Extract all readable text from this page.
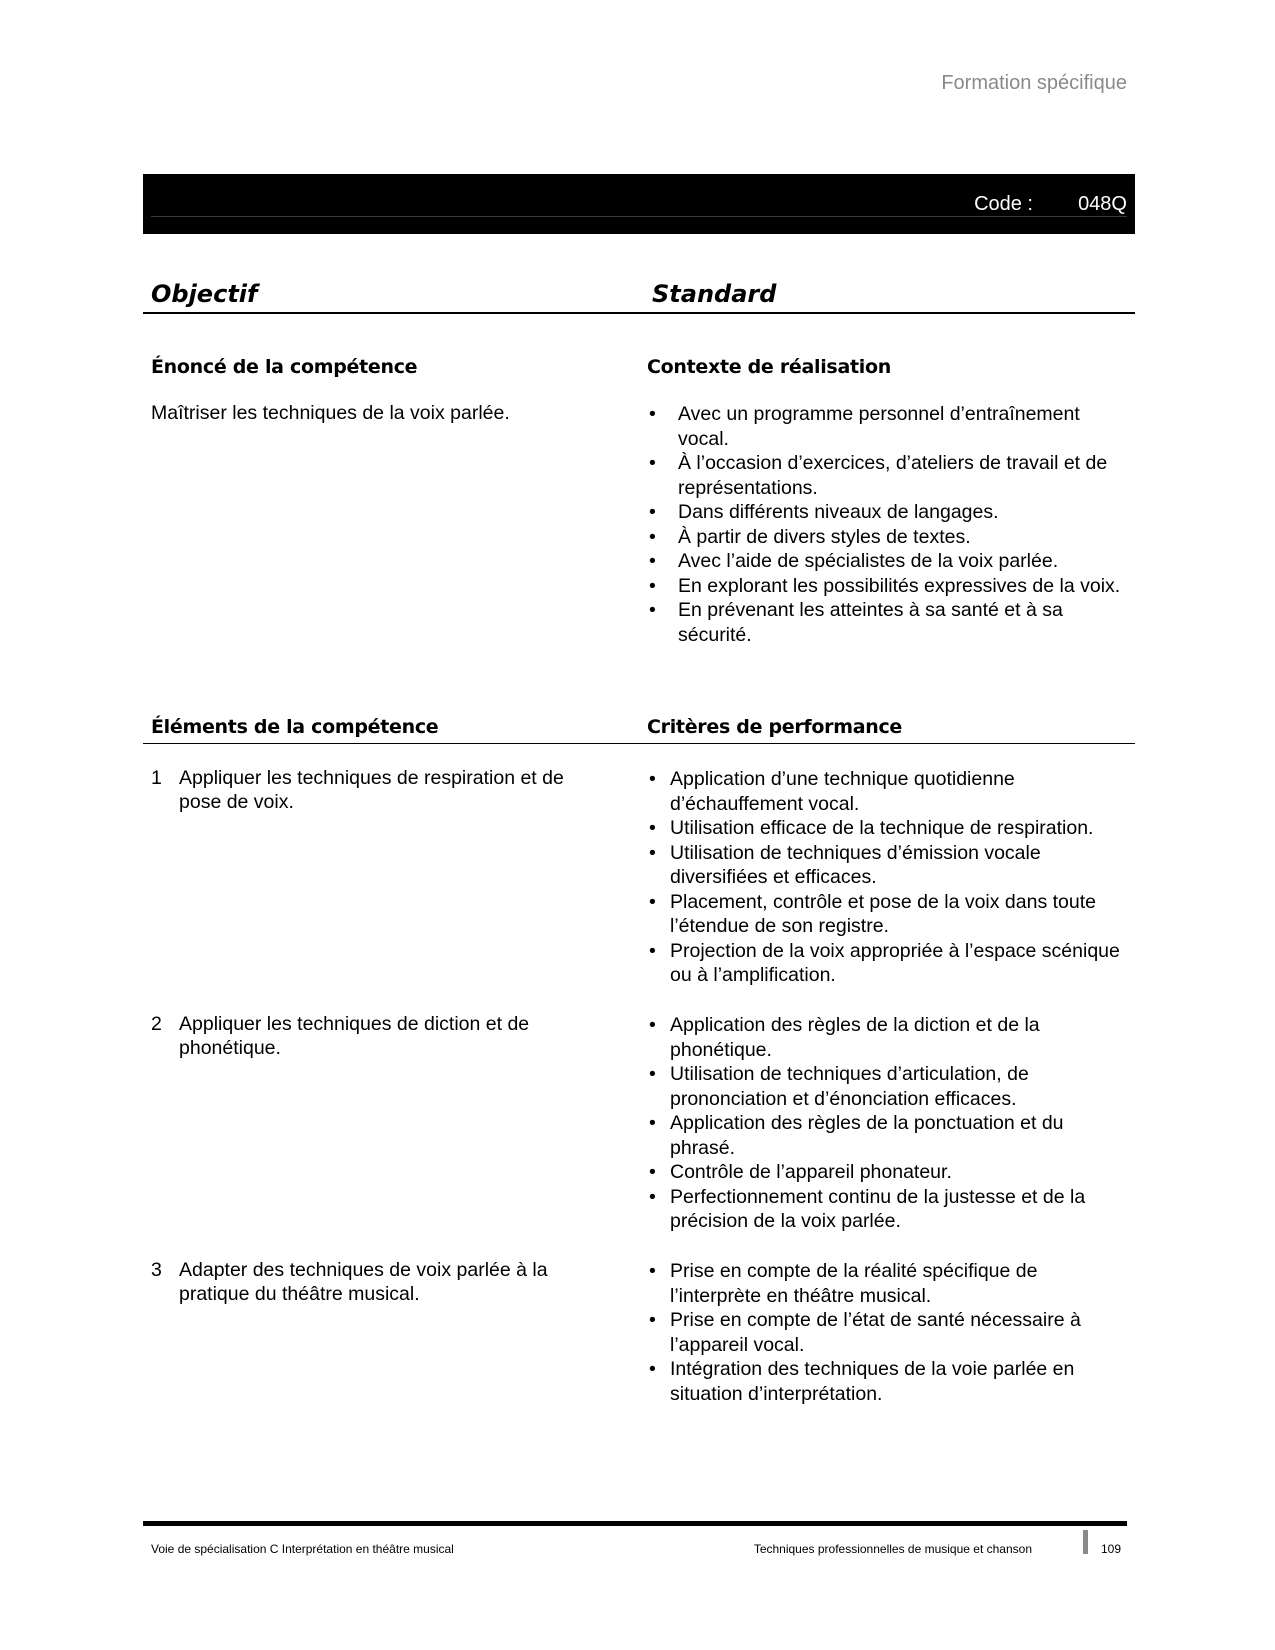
Formation spécifique
Code : 048Q
Objectif	Standard
Énoncé de la compétence
Maîtriser les techniques de la voix parlée.
Contexte de réalisation
• Avec un programme personnel d’entraînement vocal.
• À l’occasion d’exercices, d’ateliers de travail et de représentations.
• Dans différents niveaux de langages.
• À partir de divers styles de textes.
• Avec l’aide de spécialistes de la voix parlée.
• En explorant les possibilités expressives de la voix.
• En prévenant les atteintes à sa santé et à sa sécurité.
Éléments de la compétence	Critères de performance
1 Appliquer les techniques de respiration et de pose de voix.
• Application d’une technique quotidienne d’échauffement vocal.
• Utilisation efficace de la technique de respiration.
• Utilisation de techniques d’émission vocale diversifiées et efficaces.
• Placement, contrôle et pose de la voix dans toute l’étendue de son registre.
• Projection de la voix appropriée à l’espace scénique ou à l’amplification.
2 Appliquer les techniques de diction et de phonétique.
• Application des règles de la diction et de la phonétique.
• Utilisation de techniques d’articulation, de prononciation et d’énonciation efficaces.
• Application des règles de la ponctuation et du phrasé.
• Contrôle de l’appareil phonateur.
• Perfectionnement continu de la justesse et de la précision de la voix parlée.
3 Adapter des techniques de voix parlée à la pratique du théâtre musical.
• Prise en compte de la réalité spécifique de l’interprète en théâtre musical.
• Prise en compte de l’état de santé nécessaire à l’appareil vocal.
• Intégration des techniques de la voie parlée en situation d’interprétation.
Voie de spécialisation C Interprétation en théâtre musical	Techniques professionnelles de musique et chanson	109
